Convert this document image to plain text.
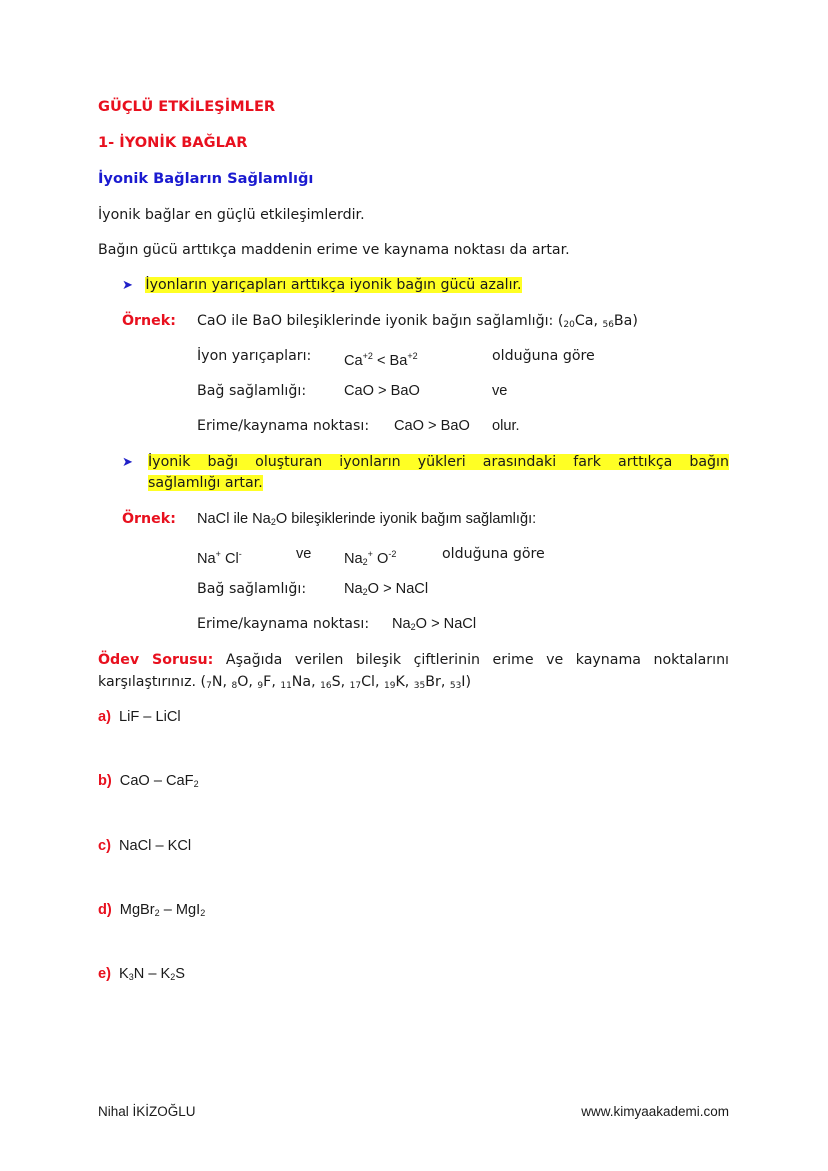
GÜÇLÜ ETKİLEŞİMLER
1- İYONİK BAĞLAR
İyonik Bağların Sağlamlığı
İyonik bağlar en güçlü etkileşimlerdir.
Bağın gücü arttıkça maddenin erime ve kaynama noktası da artar.
➤ İyonların yarıçapları arttıkça iyonik bağın gücü azalır.
Örnek: CaO ile BaO bileşiklerinde iyonik bağın sağlamlığı: (20Ca, 56Ba)
İyon yarıçapları: $Ca^{+2} < Ba^{+2}$	olduğuna göre
Bağ sağlamlığı:	CaO > BaO	ve
Erime/kaynama noktası: CaO > BaO olur.
➤ İyonik bağı oluşturan iyonların yükleri arasındaki fark arttıkça bağın
sağlamlığı artar.
Örnek: NaCl ile $Na_2O$ bileşiklerinde iyonik bağım sağlamlığı:
Na+ Cl-	ve $Na_2^+$ $O^{-2}$	olduğuna göre
Bağ sağlamlığı:	$Na_2O$ > NaCl
Erime/kaynama noktası: $Na_2O$ > NaCl
Ödev Sorusu: Aşağıda verilen bileşik çiftlerinin erime ve kaynama noktalarını
karşılaştırınız. (7N, 8O, 9F, 11Na, 16S, 17Cl, 19K, 35Br, 53I)
a) LiF – LiCl
b) CaO – CaF$_2$
c) NaCl – KCl
d) MgBr$_2$ – MgI$_2$
e) $K_3N - K_2S$
Nihal İKİZOĞLU	www.kimyaakademi.com
